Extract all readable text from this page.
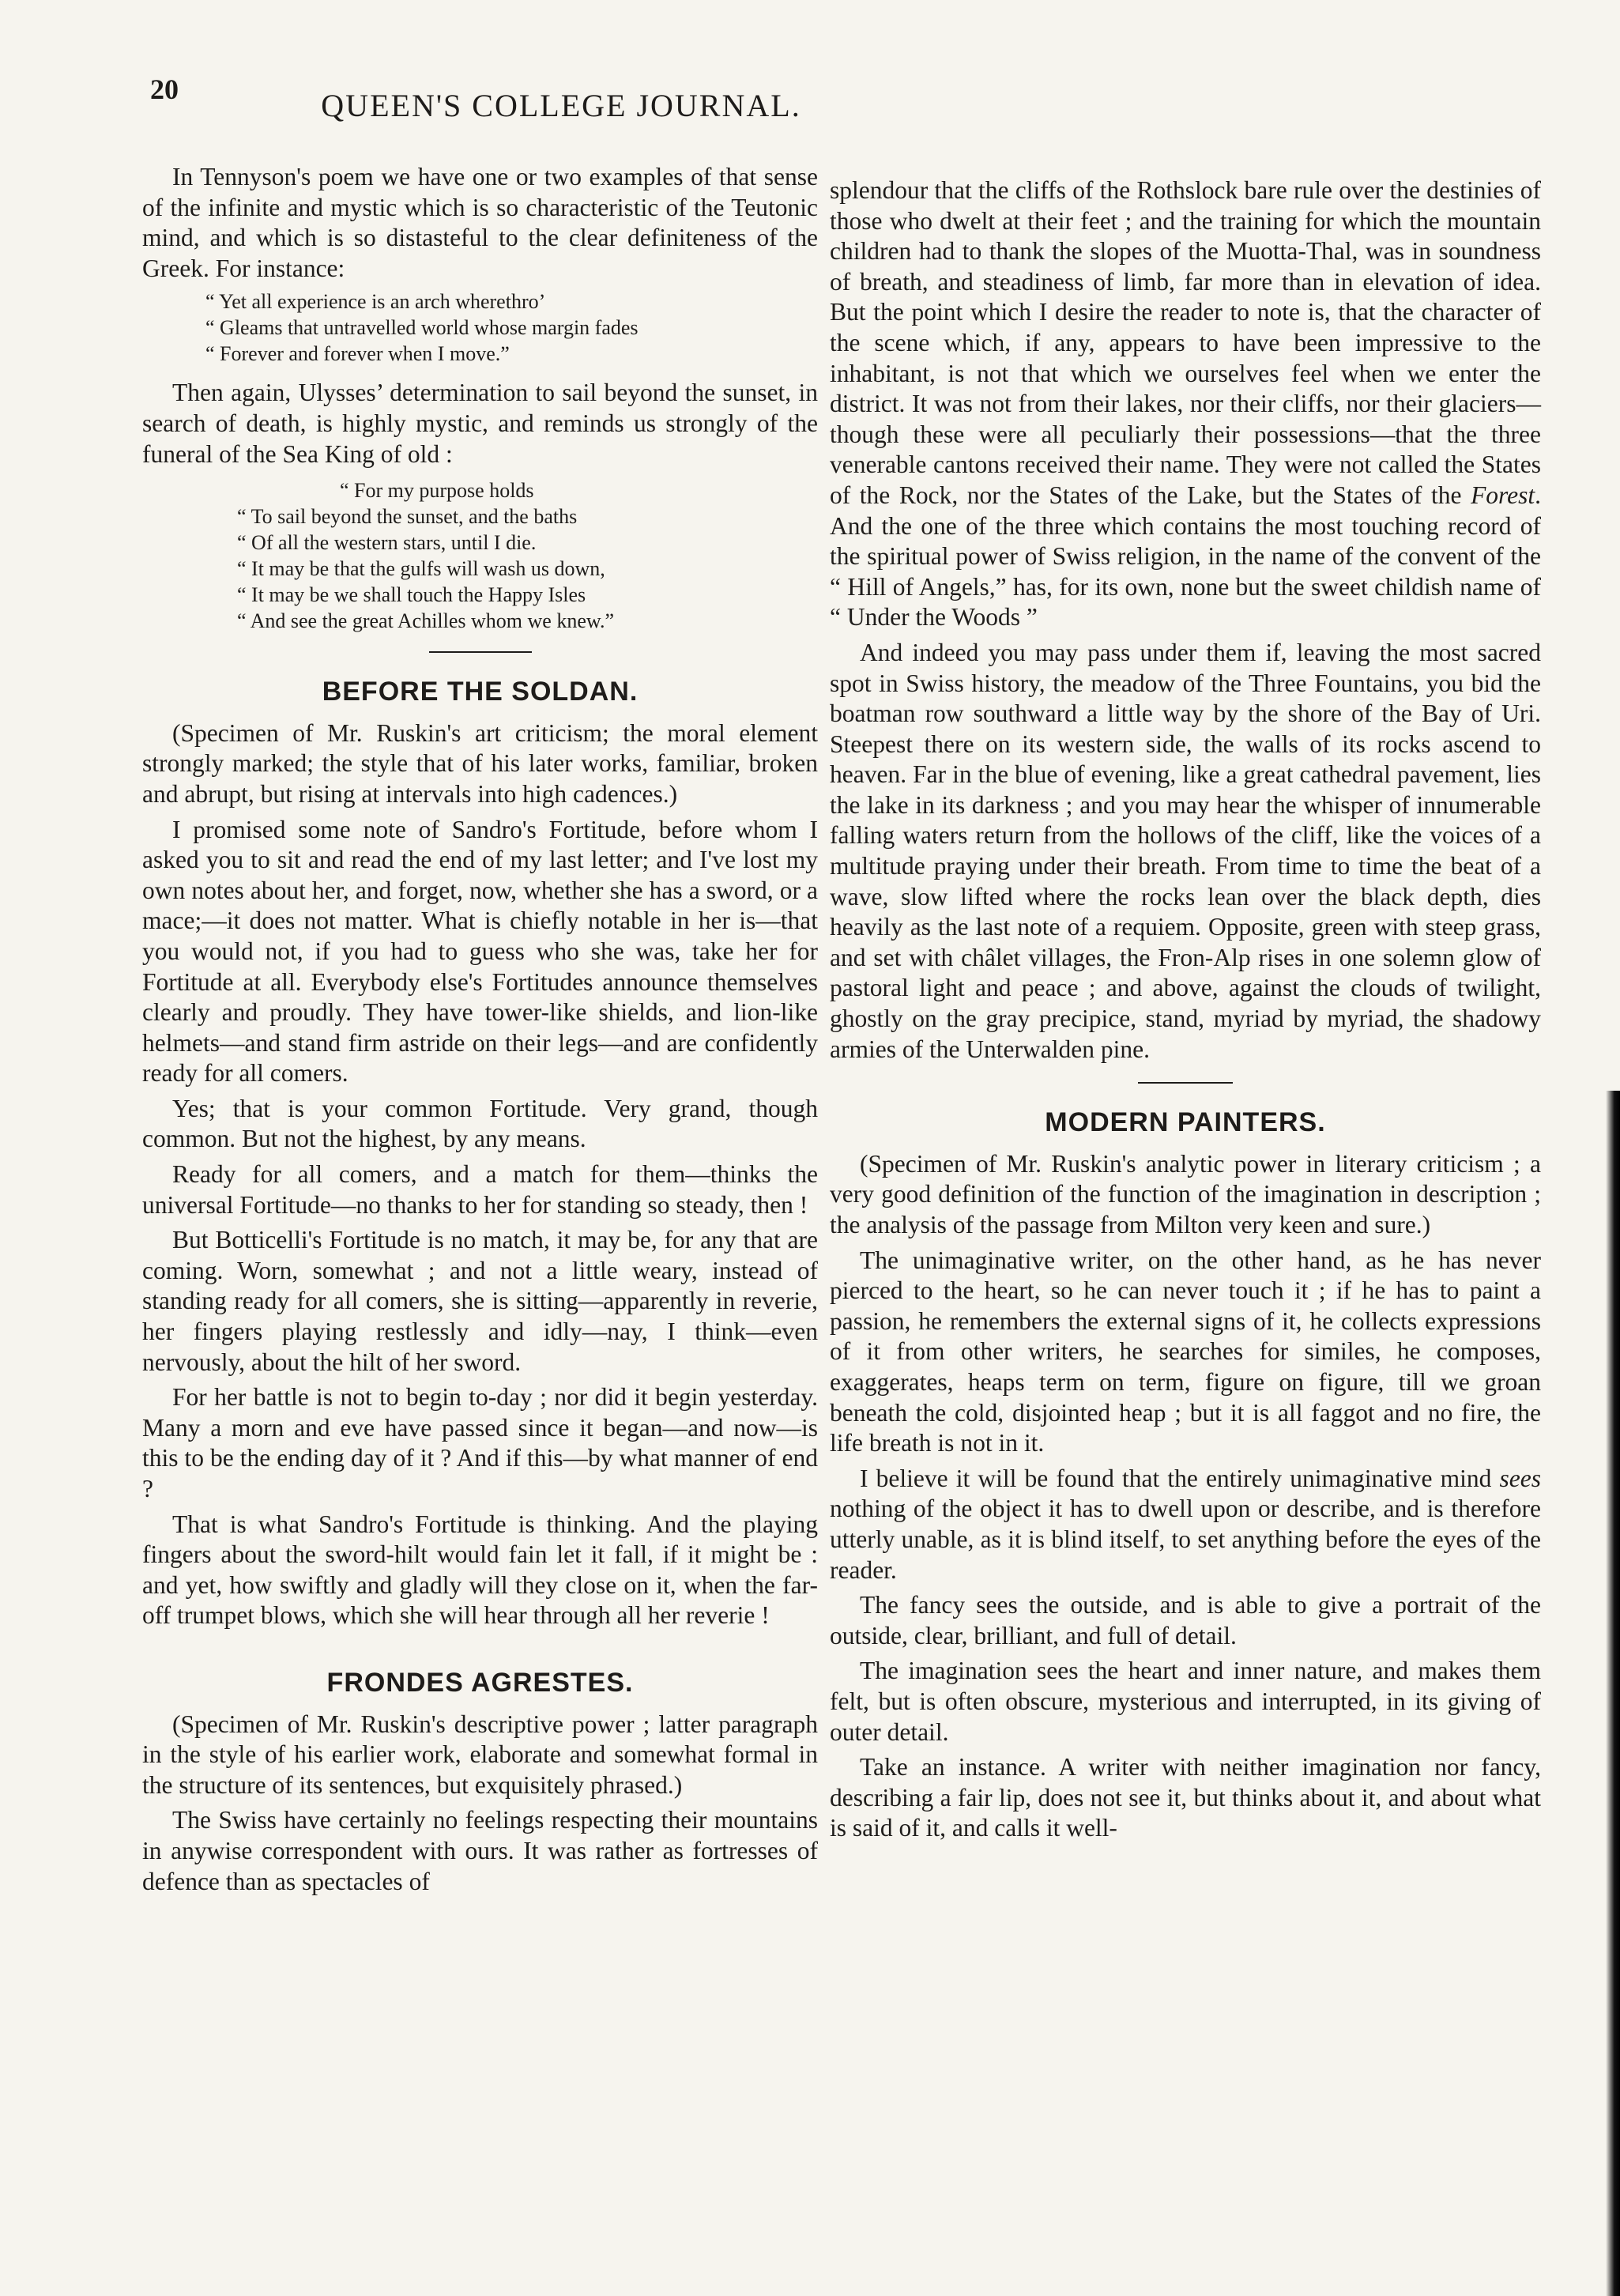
20	QUEEN'S COLLEGE JOURNAL.

In Tennyson's poem we have one or two examples of that sense of the infinite and mystic which is so characteristic of the Teutonic mind, and which is so distasteful to the clear definiteness of the Greek. For instance:

“ Yet all experience is an arch wherethro’
“ Gleams that untravelled world whose margin fades
“ Forever and forever when I move.”

Then again, Ulysses’ determination to sail beyond the sunset, in search of death, is highly mystic, and reminds us strongly of the funeral of the Sea King of old :

“ For my purpose holds
“ To sail beyond the sunset, and the baths
“ Of all the western stars, until I die.
“ It may be that the gulfs will wash us down,
“ It may be we shall touch the Happy Isles
“ And see the great Achilles whom we knew.”
BEFORE THE SOLDAN.

(Specimen of Mr. Ruskin's art criticism; the moral element strongly marked; the style that of his later works, familiar, broken and abrupt, but rising at intervals into high cadences.)

I promised some note of Sandro's Fortitude, before whom I asked you to sit and read the end of my last letter; and I've lost my own notes about her, and forget, now, whether she has a sword, or a mace;—it does not matter. What is chiefly notable in her is—that you would not, if you had to guess who she was, take her for Fortitude at all. Everybody else's Fortitudes announce themselves clearly and proudly. They have tower-like shields, and lion-like helmets—and stand firm astride on their legs—and are confidently ready for all comers.

Yes; that is your common Fortitude. Very grand, though common. But not the highest, by any means.

Ready for all comers, and a match for them—thinks the universal Fortitude—no thanks to her for standing so steady, then !

But Botticelli's Fortitude is no match, it may be, for any that are coming. Worn, somewhat ; and not a little weary, instead of standing ready for all comers, she is sitting—apparently in reverie, her fingers playing restlessly and idly—nay, I think—even nervously, about the hilt of her sword.

For her battle is not to begin to-day ; nor did it begin yesterday. Many a morn and eve have passed since it began—and now—is this to be the ending day of it ? And if this—by what manner of end ?

That is what Sandro's Fortitude is thinking. And the playing fingers about the sword-hilt would fain let it fall, if it might be : and yet, how swiftly and gladly will they close on it, when the far-off trumpet blows, which she will hear through all her reverie !

FRONDES AGRESTES.

(Specimen of Mr. Ruskin's descriptive power ; latter paragraph in the style of his earlier work, elaborate and somewhat formal in the structure of its sentences, but exquisitely phrased.)

The Swiss have certainly no feelings respecting their mountains in anywise correspondent with ours. It was rather as fortresses of defence than as spectacles of

splendour that the cliffs of the Rothslock bare rule over the destinies of those who dwelt at their feet ; and the training for which the mountain children had to thank the slopes of the Muotta-Thal, was in soundness of breath, and steadiness of limb, far more than in elevation of idea. But the point which I desire the reader to note is, that the character of the scene which, if any, appears to have been impressive to the inhabitant, is not that which we ourselves feel when we enter the district. It was not from their lakes, nor their cliffs, nor their glaciers—though these were all peculiarly their possessions—that the three venerable cantons received their name. They were not called the States of the Rock, nor the States of the Lake, but the States of the Forest. And the one of the three which contains the most touching record of the spiritual power of Swiss religion, in the name of the convent of the “ Hill of Angels,” has, for its own, none but the sweet childish name of “ Under the Woods ”

And indeed you may pass under them if, leaving the most sacred spot in Swiss history, the meadow of the Three Fountains, you bid the boatman row southward a little way by the shore of the Bay of Uri. Steepest there on its western side, the walls of its rocks ascend to heaven. Far in the blue of evening, like a great cathedral pavement, lies the lake in its darkness ; and you may hear the whisper of innumerable falling waters return from the hollows of the cliff, like the voices of a multitude praying under their breath. From time to time the beat of a wave, slow lifted where the rocks lean over the black depth, dies heavily as the last note of a requiem. Opposite, green with steep grass, and set with châlet villages, the Fron-Alp rises in one solemn glow of pastoral light and peace ; and above, against the clouds of twilight, ghostly on the gray precipice, stand, myriad by myriad, the shadowy armies of the Unterwalden pine.

MODERN PAINTERS.

(Specimen of Mr. Ruskin's analytic power in literary criticism ; a very good definition of the function of the imagination in description ; the analysis of the passage from Milton very keen and sure.)

The unimaginative writer, on the other hand, as he has never pierced to the heart, so he can never touch it ; if he has to paint a passion, he remembers the external signs of it, he collects expressions of it from other writers, he searches for similes, he composes, exaggerates, heaps term on term, figure on figure, till we groan beneath the cold, disjointed heap ; but it is all faggot and no fire, the life breath is not in it.

I believe it will be found that the entirely unimaginative mind sees nothing of the object it has to dwell upon or describe, and is therefore utterly unable, as it is blind itself, to set anything before the eyes of the reader.

The fancy sees the outside, and is able to give a portrait of the outside, clear, brilliant, and full of detail.

The imagination sees the heart and inner nature, and makes them felt, but is often obscure, mysterious and interrupted, in its giving of outer detail.

Take an instance. A writer with neither imagination nor fancy, describing a fair lip, does not see it, but thinks about it, and about what is said of it, and calls it well-
